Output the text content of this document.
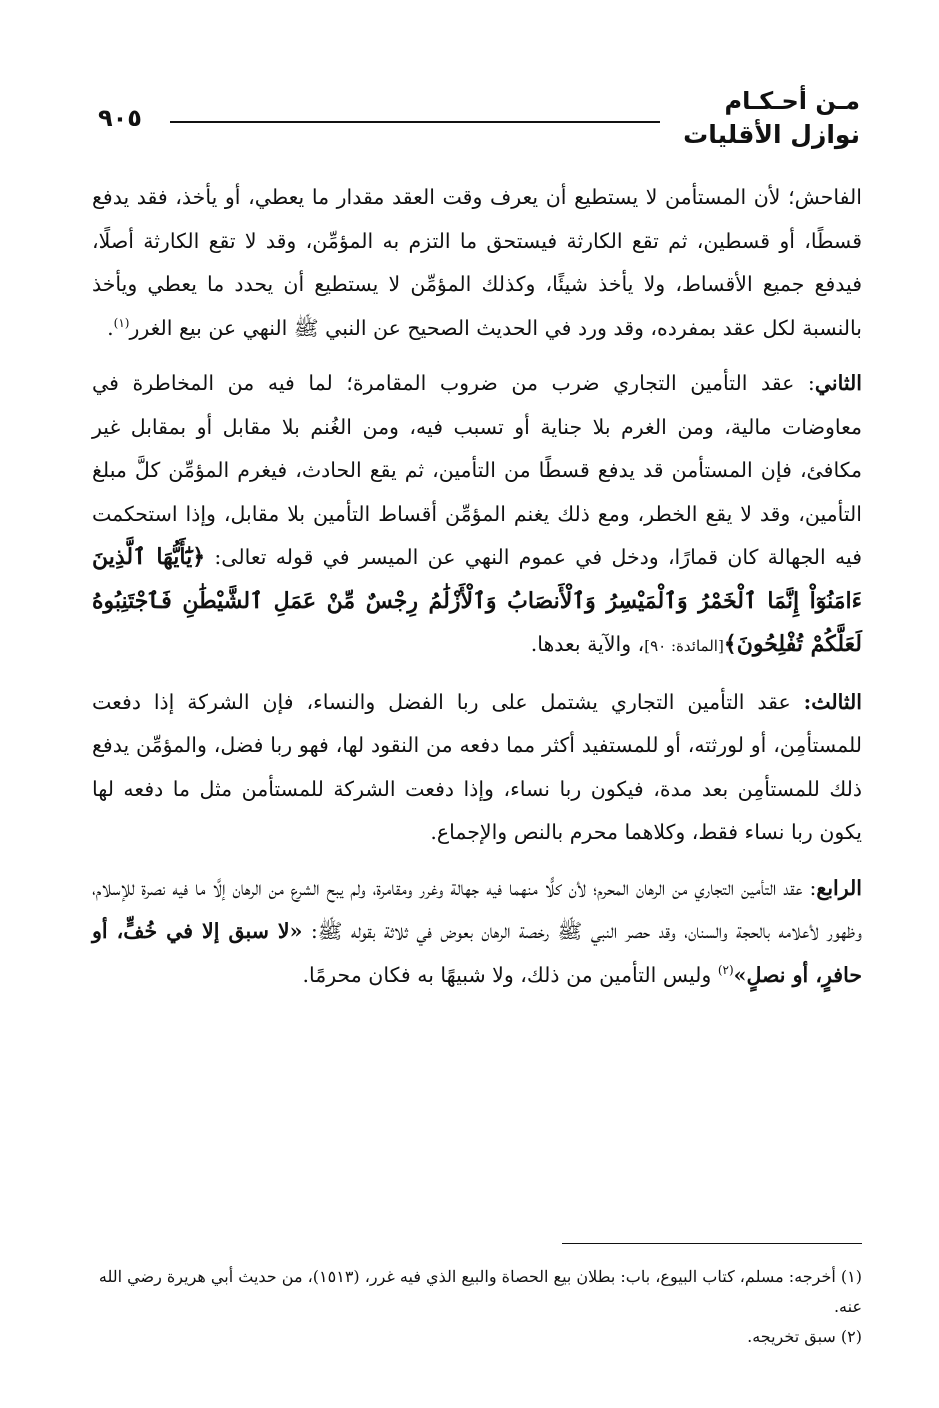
مـن أحـكـام
نوازل الأقليات
٩٠٥

الفاحش؛ لأن المستأمن لا يستطيع أن يعرف وقت العقد مقدار ما يعطي، أو يأخذ، فقد يدفع قسطًا، أو قسطين، ثم تقع الكارثة فيستحق ما التزم به المؤمِّن، وقد لا تقع الكارثة أصلًا، فيدفع جميع الأقساط، ولا يأخذ شيئًا، وكذلك المؤمِّن لا يستطيع أن يحدد ما يعطي ويأخذ بالنسبة لكل عقد بمفرده، وقد ورد في الحديث الصحيح عن النبي ﷺ النهي عن بيع الغرر$^{(١)}$.

الثاني: عقد التأمين التجاري ضرب من ضروب المقامرة؛ لما فيه من المخاطرة في معاوضات مالية، ومن الغرم بلا جناية أو تسبب فيه، ومن الغُنم بلا مقابل أو بمقابل غير مكافئ، فإن المستأمن قد يدفع قسطًا من التأمين، ثم يقع الحادث، فيغرم المؤمِّن كلَّ مبلغ التأمين، وقد لا يقع الخطر، ومع ذلك يغنم المؤمِّن أقساط التأمين بلا مقابل، وإذا استحكمت فيه الجهالة كان قمارًا، ودخل في عموم النهي عن الميسر في قوله تعالى: ﴿يَٰٓأَيُّهَا ٱلَّذِينَ ءَامَنُوٓاْ إِنَّمَا ٱلْخَمْرُ وَٱلْمَيْسِرُ وَٱلْأَنصَابُ وَٱلْأَزْلَٰمُ رِجْسٌ مِّنْ عَمَلِ ٱلشَّيْطَٰنِ فَٱجْتَنِبُوهُ لَعَلَّكُمْ تُفْلِحُونَ﴾[المائدة: ٩٠]، والآية بعدها.

الثالث: عقد التأمين التجاري يشتمل على ربا الفضل والنساء، فإن الشركة إذا دفعت للمستأمِن، أو لورثته، أو للمستفيد أكثر مما دفعه من النقود لها، فهو ربا فضل، والمؤمِّن يدفع ذلك للمستأمِن بعد مدة، فيكون ربا نساء، وإذا دفعت الشركة للمستأمن مثل ما دفعه لها يكون ربا نساء فقط، وكلاهما محرم بالنص والإجماع.

الرابع: عقد التأمين التجاري من الرهان المحرم؛ لأن كلًّا منهما فيه جهالة وغرر ومقامرة، ولم يبح الشرع من الرهان إلَّا ما فيه نصرة للإسلام، وظهور لأعلامه بالحجة والسنان، وقد حصر النبي ﷺ رخصة الرهان بعوض في ثلاثة بقوله ﷺ: «لا سبق إلا في خُفٍّ، أو حافرٍ، أو نصلٍ»$^{(٢)}$ وليس التأمين من ذلك، ولا شبيهًا به فكان محرمًا.

(١) أخرجه: مسلم، كتاب البيوع، باب: بطلان بيع الحصاة والبيع الذي فيه غرر، (١٥١٣)، من حديث أبي هريرة رضي الله عنه.

(٢) سبق تخريجه.
